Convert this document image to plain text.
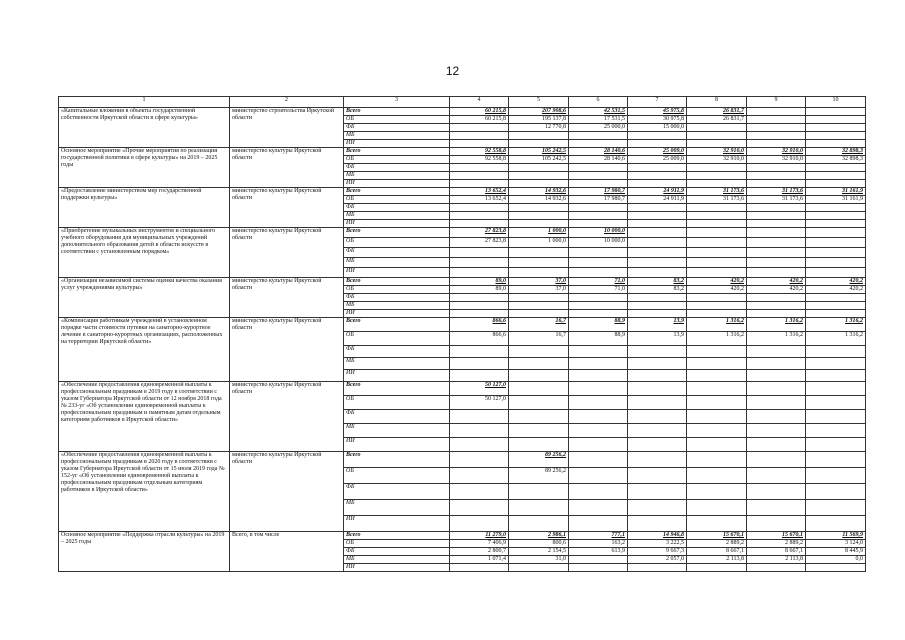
12
1	2	3	4	5	6	7	8	9	10
«Капитальные вложения в объекты государственной собственности Иркутской области в сфере культуры»	министерство строительства Иркутской области	Всего	60 215,8	207 908,6	42 531,5	45 975,8	26 831,7		
		ОБ	60 215,8	195 137,8	17 531,5	30 975,8	26 831,7		
		ФБ		12 770,8	25 000,0	15 000,0			
		МБ							
		ИИ							
Основное мероприятие «Прочие мероприятия по реализации государственной политики в сфере культуры» на 2019 – 2025 годы	министерство культуры Иркутской области	Всего	92 558,8	105 242,5	28 140,6	25 009,0	32 910,0	32 910,0	32 898,3
		ОБ	92 558,8	105 242,5	28 140,6	25 009,0	32 910,0	32 910,0	32 898,3
		ФБ							
		МБ							
		ИИ							
«Предоставление министерством мер государственной поддержки культуры»	министерство культуры Иркутской области	Всего	13 652,4	14 932,6	17 980,7	24 911,9	31 173,6	31 173,6	31 161,9
		ОБ	13 652,4	14 932,6	17 980,7	24 911,9	31 173,6	31 173,6	31 161,9
		ФБ							
		МБ							
		ИИ							
«Приобретение музыкальных инструментов и специального учебного оборудования для муниципальных учреждений дополнительного образования детей в области искусств в соответствии с установленным порядком»	министерство культуры Иркутской области	Всего	27 823,8	1 000,0	10 000,0				
		ОБ	27 823,8	1 000,0	10 000,0				
		ФБ							
		МБ							
		ИИ							
«Организация независимой системы оценки качества оказания услуг учреждениями культуры»	министерство культуры Иркутской области	Всего	89,0	37,0	71,0	83,2	420,2	420,2	420,2
		ОБ	89,0	37,0	71,0	83,2	420,2	420,2	420,2
		ФБ							
		МБ							
		ИИ							
«Компенсация работникам учреждений в установленном порядке части стоимости путевки на санаторно-курортное лечение в санаторно-курортных организациях, расположенных на территории Иркутской области»	министерство культуры Иркутской области	Всего	866,6	16,7	88,9	13,9	1 316,2	1 316,2	1 316,2
		ОБ	866,6	16,7	88,9	13,9	1 316,2	1 316,2	1 316,2
		ФБ							
		МБ							
		ИИ							
«Обеспечение предоставления единовременной выплаты к профессиональным праздникам в 2019 году в соответствии с указом Губернатора Иркутской области от 12 ноября 2018 года № 233-уг «Об установлении единовременной выплаты к профессиональным праздникам и памятным датам отдельным категориям работников в Иркутской области»	министерство культуры Иркутской области	Всего	50 127,0						
		ОБ	50 127,0						
		ФБ							
		МБ							
		ИИ							
«Обеспечение предоставления единовременной выплаты к профессиональным праздникам в 2020 году в соответствии с указом Губернатора Иркутской области от 15 июля 2019 года № 152-уг «Об установлении единовременной выплаты к профессиональным праздникам отдельным категориям работников в Иркутской области»	министерство культуры Иркутской области	Всего		89 256,2					
		ОБ		89 256,2					
		ФБ							
		МБ							
		ИИ							
Основное мероприятие «Поддержка отрасли культуры» на 2019 – 2025 годы	Всего, в том числе	Всего	11 279,0	2 986,1	777,1	14 946,8	15 670,1	15 670,1	11 569,9
		ОБ	7 406,9	800,6	163,2	3 222,5	2 889,2	2 889,2	3 124,0
		ФБ	2 800,7	2 154,5	613,9	9 667,3	8 667,1	8 667,1	8 445,9
		МБ	1 071,4	31,0		2 057,0	2 113,8	2 113,8	0,0
		ИИ							
